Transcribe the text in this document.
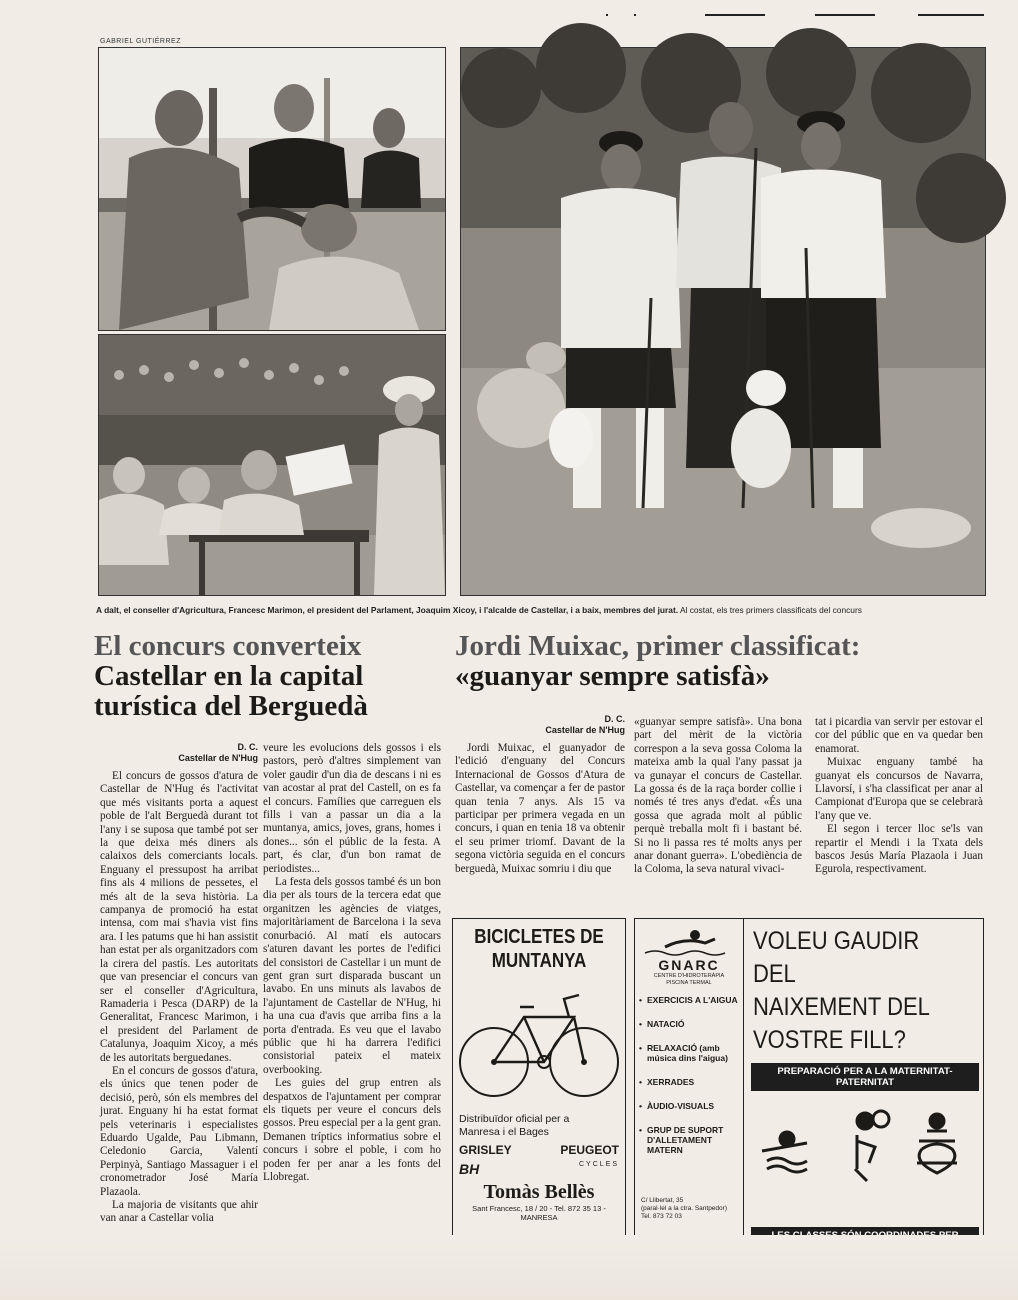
GABRIEL GUTIÉRREZ
A dalt, el conseller d'Agricultura, Francesc Marimon, el president del Parlament, Joaquim Xicoy, i l'alcalde de Castellar, i a baix, membres del jurat. Al costat, els tres primers classificats del concurs
El concurs converteix
Castellar en la capital
turística del Berguedà
D. C.
Castellar de N'Hug

El concurs de gossos d'atura de Castellar de N'Hug és l'activitat que més visitants porta a aquest poble de l'alt Berguedà durant tot l'any i se suposa que també pot ser la que deixa més diners als calaixos dels comerciants locals. Enguany el pressupost ha arribat fins als 4 milions de pessetes, el més alt de la seva història. La campanya de promoció ha estat intensa, com mai s'havia vist fins ara. I les patums que hi han assistit han estat per als organitzadors com la cirera del pastís. Les autoritats que van presenciar el concurs van ser el conseller d'Agricultura, Ramaderia i Pesca (DARP) de la Generalitat, Francesc Marimon, i el president del Parlament de Catalunya, Joaquim Xicoy, a més de les autoritats berguedanes.

En el concurs de gossos d'atura, els únics que tenen poder de decisió, però, són els membres del jurat. Enguany hi ha estat format pels veterinaris i especialistes Eduardo Ugalde, Pau Libmann, Celedonio Garcia, Valentí Perpinyà, Santiago Massaguer i el cronometrador José María Plazaola.

La majoria de visitants que ahir van anar a Castellar volia

veure les evolucions dels gossos i els pastors, però d'altres simplement van voler gaudir d'un dia de descans i ni es van acostar al prat del Castell, on es fa el concurs. Famílies que carreguen els fills i van a passar un dia a la muntanya, amics, joves, grans, homes i dones... són el públic de la festa. A part, és clar, d'un bon ramat de periodistes...

La festa dels gossos també és un bon dia per als tours de la tercera edat que organitzen les agències de viatges, majoritàriament de Barcelona i la seva conurbació. Al matí els autocars s'aturen davant les portes de l'edifici del consistori de Castellar i un munt de gent gran surt disparada buscant un lavabo. En uns minuts als lavabos de l'ajuntament de Castellar de N'Hug, hi ha una cua d'avis que arriba fins a la porta d'entrada. Es veu que el lavabo públic que hi ha darrera l'edifici consistorial pateix el mateix overbooking.

Les guies del grup entren als despatxos de l'ajuntament per comprar els tiquets per veure el concurs dels gossos. Preu especial per a la gent gran. Demanen tríptics informatius sobre el concurs i sobre el poble, i com ho poden fer per anar a les fonts del Llobregat.

Jordi Muixac, primer classificat:
«guanyar sempre satisfà»
D. C.
Castellar de N'Hug

Jordi Muixac, el guanyador de l'edició d'enguany del Concurs Internacional de Gossos d'Atura de Castellar, va començar a fer de pastor quan tenia 7 anys. Als 15 va participar per primera vegada en un concurs, i quan en tenia 18 va obtenir el seu primer triomf. Davant de la segona victòria seguida en el concurs berguedà, Muixac somriu i diu que

«guanyar sempre satisfà». Una bona part del mèrit de la victòria correspon a la seva gossa Coloma la mateixa amb la qual l'any passat ja va gunayar el concurs de Castellar. La gossa és de la raça border collie i només té tres anys d'edat. «És una gossa que agrada molt al públic perquè treballa molt fi i bastant bé. Si no li passa res té molts anys per anar donant guerra». L'obediència de la Coloma, la seva natural vivaci-

tat i picardia van servir per estovar el cor del públic que en va quedar ben enamorat.

Muixac enguany també ha guanyat els concursos de Navarra, Llavorsí, i s'ha classificat per anar al Campionat d'Europa que se celebrarà l'any que ve.

El segon i tercer lloc se'ls van repartir el Mendi i la Txata dels bascos Jesús María Plazaola i Juan Egurola, respectivament.

BICICLETES DE
MUNTANYA
Distribuïdor oficial per a
Manresa i el Bages
GRISLEY	PEUGEOT
BH	CYCLES
Tomàs Bellès
Sant Francesc, 18 / 20 - Tel. 872 35 13 - MANRESA
GNARC
CENTRE D'HIDROTERÀPIA
PISCINA TERMAL
• EXERCICIS A L'AIGUA
• NATACIÓ
• RELAXACIÓ (amb música dins l'aigua)
• XERRADES
• ÀUDIO-VISUALS
• GRUP DE SUPORT D'ALLETAMENT MATERN
C/ Llibertat, 35
(paral·lel a la ctra. Santpedor)
Tel. 873 72 03
VOLEU GAUDIR DEL
NAIXEMENT DEL
VOSTRE FILL?
PREPARACIÓ PER A LA MATERNITAT-PATERNITAT
